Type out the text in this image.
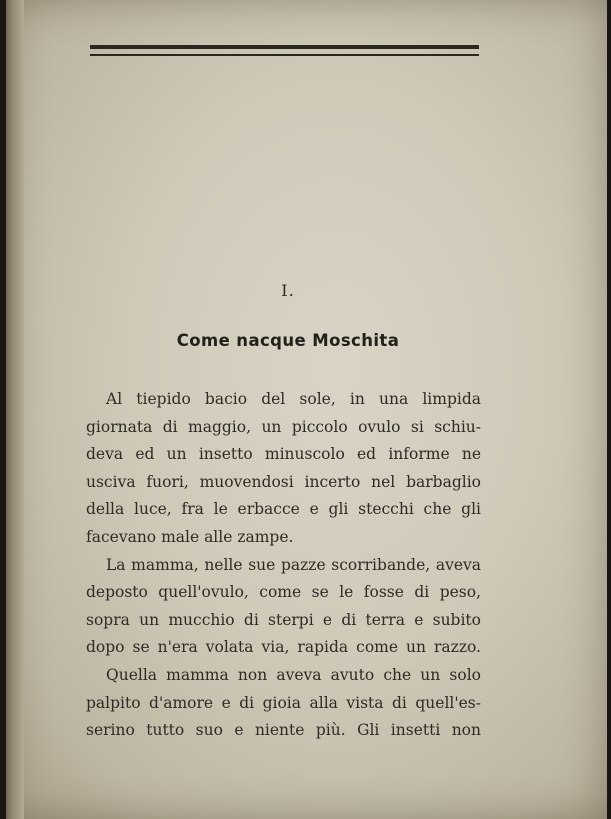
I.
Come nacque Moschita
Al tiepido bacio del sole, in una limpida
giornata di maggio, un piccolo ovulo si schiu-
deva ed un insetto minuscolo ed informe ne
usciva fuori, muovendosi incerto nel barbaglio
della luce, fra le erbacce e gli stecchi che gli
facevano male alle zampe.
La mamma, nelle sue pazze scorribande, aveva
deposto quell'ovulo, come se le fosse di peso,
sopra un mucchio di sterpi e di terra e subito
dopo se n'era volata via, rapida come un razzo.
Quella mamma non aveva avuto che un solo
palpito d'amore e di gioia alla vista di quell'es-
serino tutto suo e niente più. Gli insetti non
